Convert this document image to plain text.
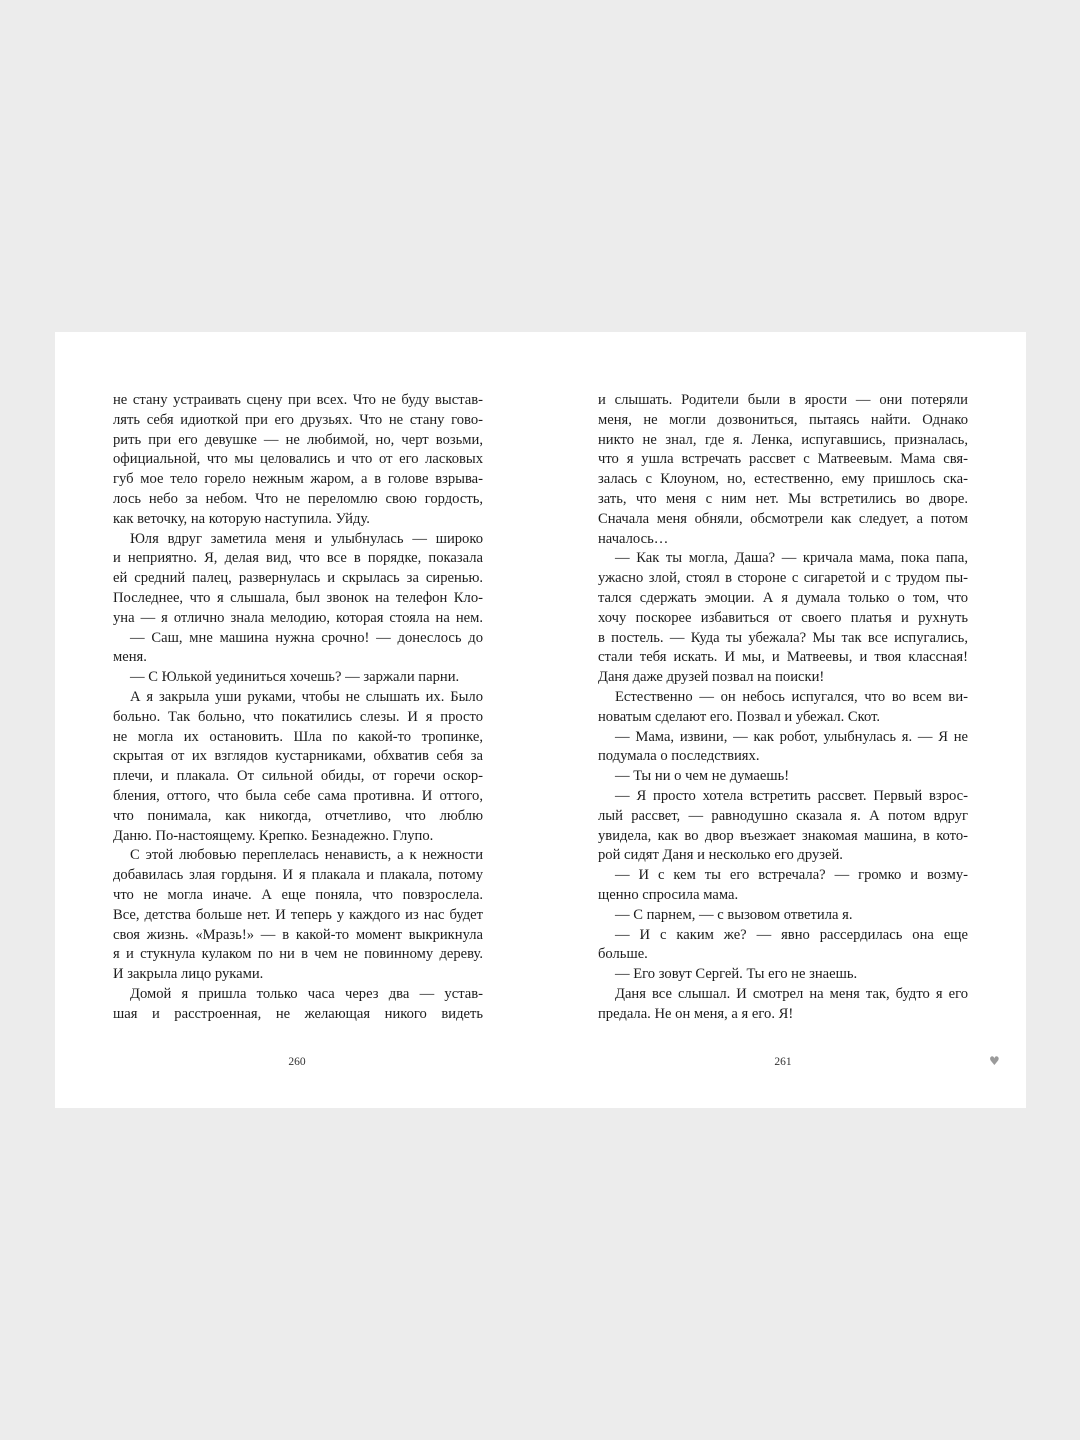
не стану устраивать сцену при всех. Что не буду выстав-
лять себя идиоткой при его друзьях. Что не стану гово-
рить при его девушке — не любимой, но, черт возьми,
официальной, что мы целовались и что от его ласковых
губ мое тело горело нежным жаром, а в голове взрыва-
лось небо за небом. Что не переломлю свою гордость,
как веточку, на которую наступила. Уйду.
Юля вдруг заметила меня и улыбнулась — широко
и неприятно. Я, делая вид, что все в порядке, показала
ей средний палец, развернулась и скрылась за сиренью.
Последнее, что я слышала, был звонок на телефон Кло-
уна — я отлично знала мелодию, которая стояла на нем.
— Саш, мне машина нужна срочно! — донеслось до
меня.
— С Юлькой уединиться хочешь? — заржали парни.
А я закрыла уши руками, чтобы не слышать их. Было
больно. Так больно, что покатились слезы. И я просто
не могла их остановить. Шла по какой-то тропинке,
скрытая от их взглядов кустарниками, обхватив себя за
плечи, и плакала. От сильной обиды, от горечи оскор-
бления, оттого, что была себе сама противна. И оттого,
что понимала, как никогда, отчетливо, что люблю
Даню. По-настоящему. Крепко. Безнадежно. Глупо.
С этой любовью переплелась ненависть, а к нежности
добавилась злая гордыня. И я плакала и плакала, потому
что не могла иначе. А еще поняла, что повзрослела.
Все, детства больше нет. И теперь у каждого из нас будет
своя жизнь. «Мразь!» — в какой-то момент выкрикнула
я и стукнула кулаком по ни в чем не повинному дереву.
И закрыла лицо руками.
Домой я пришла только часа через два — устав-
шая и расстроенная, не желающая никого видеть
и слышать. Родители были в ярости — они потеряли
меня, не могли дозвониться, пытаясь найти. Однако
никто не знал, где я. Ленка, испугавшись, призналась,
что я ушла встречать рассвет с Матвеевым. Мама свя-
залась с Клоуном, но, естественно, ему пришлось ска-
зать, что меня с ним нет. Мы встретились во дворе.
Сначала меня обняли, обсмотрели как следует, а потом
началось…
— Как ты могла, Даша? — кричала мама, пока папа,
ужасно злой, стоял в стороне с сигаретой и с трудом пы-
тался сдержать эмоции. А я думала только о том, что
хочу поскорее избавиться от своего платья и рухнуть
в постель. — Куда ты убежала? Мы так все испугались,
стали тебя искать. И мы, и Матвеевы, и твоя классная!
Даня даже друзей позвал на поиски!
Естественно — он небось испугался, что во всем ви-
новатым сделают его. Позвал и убежал. Скот.
— Мама, извини, — как робот, улыбнулась я. — Я не
подумала о последствиях.
— Ты ни о чем не думаешь!
— Я просто хотела встретить рассвет. Первый взрос-
лый рассвет, — равнодушно сказала я. А потом вдруг
увидела, как во двор въезжает знакомая машина, в кото-
рой сидят Даня и несколько его друзей.
— И с кем ты его встречала? — громко и возму-
щенно спросила мама.
— С парнем, — с вызовом ответила я.
— И с каким же? — явно рассердилась она еще
больше.
— Его зовут Сергей. Ты его не знаешь.
Даня все слышал. И смотрел на меня так, будто я его
предала. Не он меня, а я его. Я!
260	261	♥
